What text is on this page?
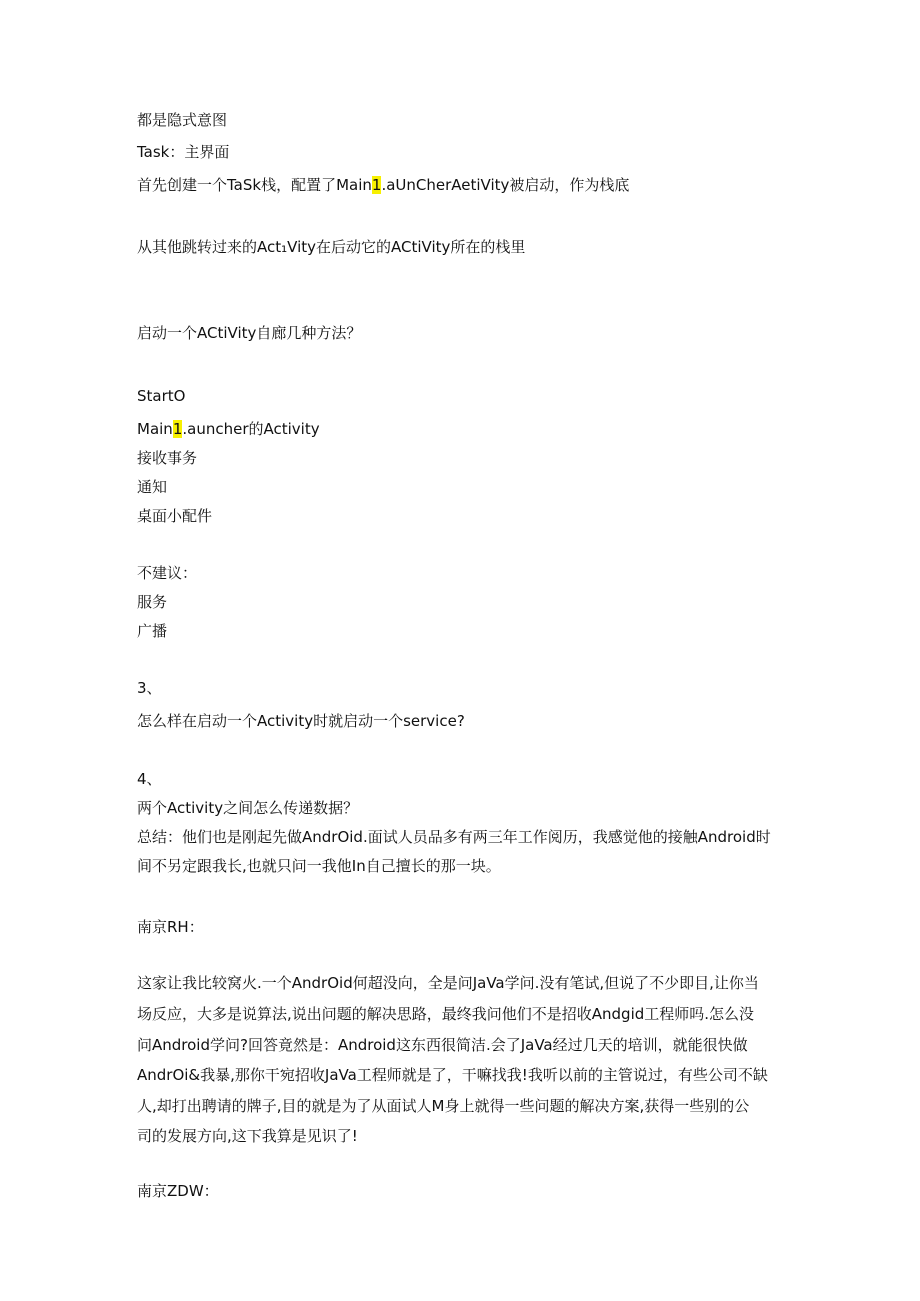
都是隐式意图
Task：主界面
首先创建一个TaSk栈，配置了Main1.aUnCherAetiVity被启动，作为栈底
从其他跳转过来的Act₁Vity在后动它的ACtiVity所在的栈里
启动一个ACtiVity自廊几种方法？
StartO
Main1.auncher的Activity
接收事务
通知
桌面小配件
不建议：
服务
广播
3、
怎么样在启动一个Activity时就启动一个service?
4、
两个Activity之间怎么传递数据？
总结：他们也是刚起先做AndrOid.面试人员品多有两三年工作阅历，我感觉他的接触Android时
间不另定跟我长,也就只问一我他In自己擅长的那一块。
南京RH：
这家让我比较窝火.一个AndrOid何超没向，全是问JaVa学问.没有笔试,但说了不少即目,让你当
场反应，大多是说算法,说出问题的解决思路，最终我问他们不是招收Andgid工程师吗.怎么没
问Android学问?回答竟然是：Android这东西很简洁.会了JaVa经过几天的培训，就能很快做
AndrOi&我暴,那你干宛招收JaVa工程师就是了，干嘛找我!我听以前的主管说过，有些公司不缺
人,却打出聘请的牌子,目的就是为了从面试人M身上就得一些问题的解决方案,获得一些别的公
司的发展方向,这下我算是见识了!
南京ZDW：
